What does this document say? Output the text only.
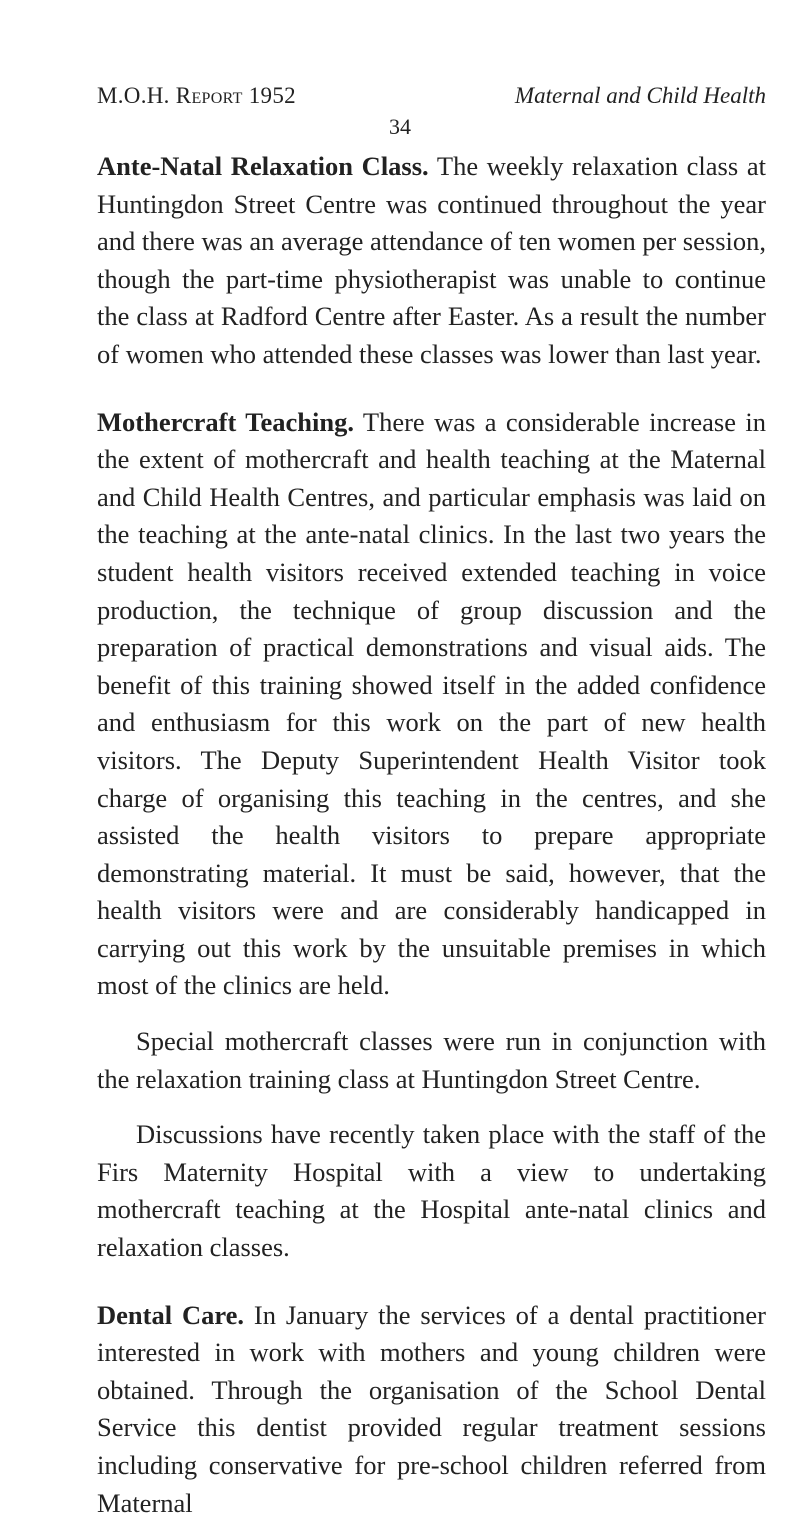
M.O.H. Report 1952	Maternal and Child Health
34

Ante-Natal Relaxation Class. The weekly relaxation class at Huntingdon Street Centre was continued throughout the year and there was an average attendance of ten women per session, though the part-time physiotherapist was unable to continue the class at Radford Centre after Easter. As a result the number of women who attended these classes was lower than last year.

Mothercraft Teaching. There was a considerable increase in the extent of mothercraft and health teaching at the Maternal and Child Health Centres, and particular emphasis was laid on the teaching at the ante-natal clinics. In the last two years the student health visitors received extended teaching in voice production, the technique of group discussion and the preparation of practical demonstrations and visual aids. The benefit of this training showed itself in the added confidence and enthusiasm for this work on the part of new health visitors. The Deputy Superintendent Health Visitor took charge of organising this teaching in the centres, and she assisted the health visitors to prepare appropriate demonstrating material. It must be said, however, that the health visitors were and are considerably handicapped in carrying out this work by the unsuitable premises in which most of the clinics are held.

Special mothercraft classes were run in conjunction with the relaxation training class at Huntingdon Street Centre.

Discussions have recently taken place with the staff of the Firs Maternity Hospital with a view to undertaking mothercraft teaching at the Hospital ante-natal clinics and relaxation classes.

Dental Care. In January the services of a dental practitioner interested in work with mothers and young children were obtained. Through the organisation of the School Dental Service this dentist provided regular treatment sessions including conservative for pre-school children referred from Maternal
